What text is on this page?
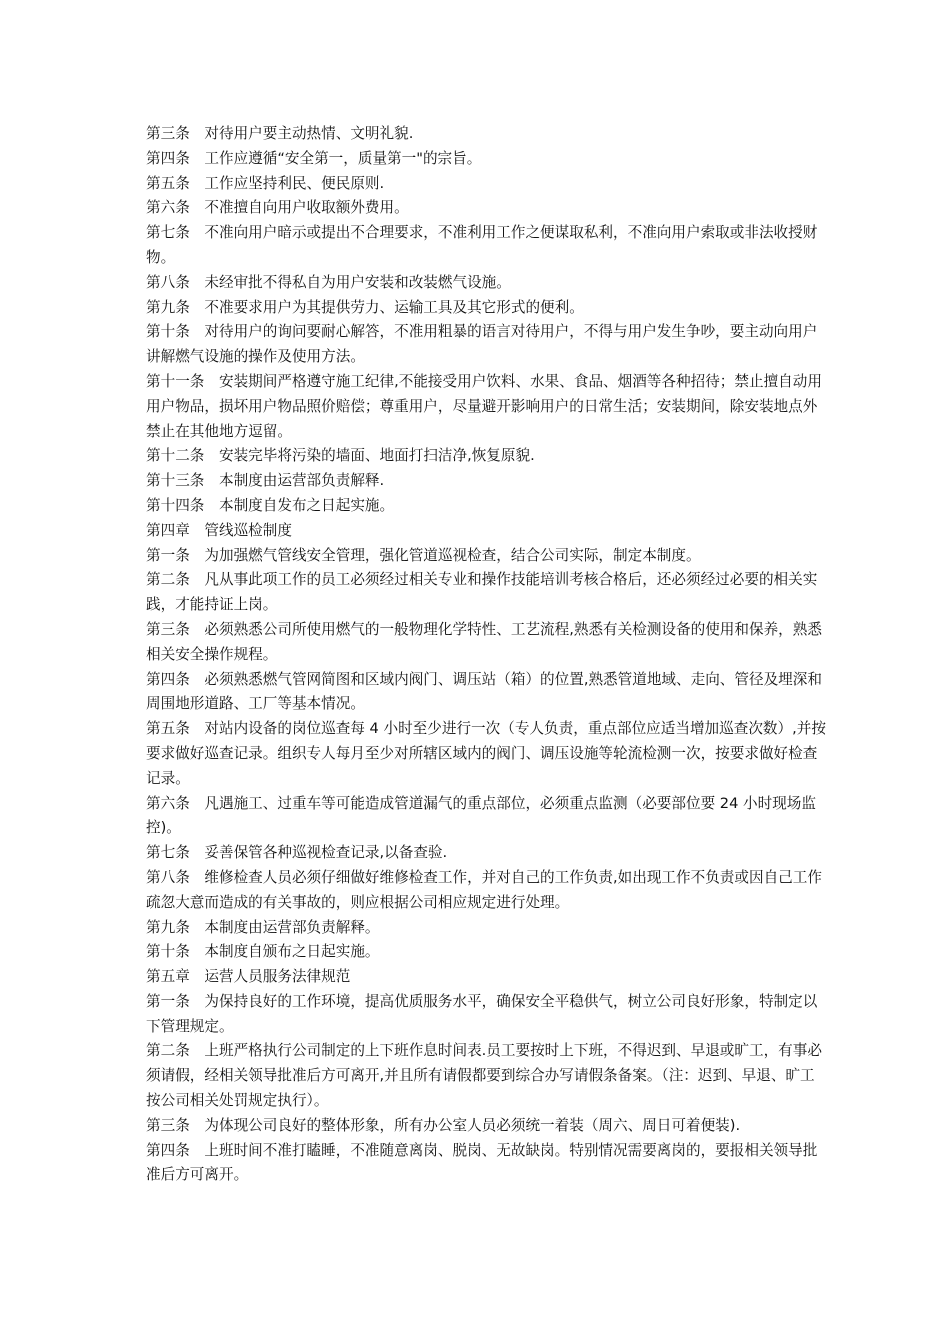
第三条　对待用户要主动热情、文明礼貌.

第四条　工作应遵循“安全第一，质量第一"的宗旨。

第五条　工作应坚持利民、便民原则.

第六条　不准擅自向用户收取额外费用。

第七条　不准向用户暗示或提出不合理要求，不准利用工作之便谋取私利，不准向用户索取或非法收授财物。

第八条　未经审批不得私自为用户安装和改装燃气设施。

第九条　不准要求用户为其提供劳力、运输工具及其它形式的便利。

第十条　对待用户的询问要耐心解答，不准用粗暴的语言对待用户，不得与用户发生争吵，要主动向用户讲解燃气设施的操作及使用方法。

第十一条　安装期间严格遵守施工纪律,不能接受用户饮料、水果、食品、烟酒等各种招待；禁止擅自动用用户物品，损坏用户物品照价赔偿；尊重用户，尽量避开影响用户的日常生活；安装期间，除安装地点外禁止在其他地方逗留。

第十二条　安装完毕将污染的墙面、地面打扫洁净,恢复原貌.

第十三条　本制度由运营部负责解释.

第十四条　本制度自发布之日起实施。

第四章　管线巡检制度

第一条　为加强燃气管线安全管理，强化管道巡视检查，结合公司实际，制定本制度。

第二条　凡从事此项工作的员工必须经过相关专业和操作技能培训考核合格后，还必须经过必要的相关实践，才能持证上岗。

第三条　必须熟悉公司所使用燃气的一般物理化学特性、工艺流程,熟悉有关检测设备的使用和保养，熟悉相关安全操作规程。

第四条　必须熟悉燃气管网简图和区域内阀门、调压站（箱）的位置,熟悉管道地域、走向、管径及埋深和周围地形道路、工厂等基本情况。

第五条　对站内设备的岗位巡查每 4 小时至少进行一次（专人负责，重点部位应适当增加巡查次数）,并按要求做好巡查记录。组织专人每月至少对所辖区域内的阀门、调压设施等轮流检测一次，按要求做好检查记录。

第六条　凡遇施工、过重车等可能造成管道漏气的重点部位，必须重点监测（必要部位要 24 小时现场监控)。

第七条　妥善保管各种巡视检查记录,以备查验.

第八条　维修检查人员必须仔细做好维修检查工作，并对自己的工作负责,如出现工作不负责或因自己工作疏忽大意而造成的有关事故的，则应根据公司相应规定进行处理。

第九条　本制度由运营部负责解释。

第十条　本制度自颁布之日起实施。

第五章　运营人员服务法律规范

第一条　为保持良好的工作环境，提高优质服务水平，确保安全平稳供气，树立公司良好形象，特制定以下管理规定。

第二条　上班严格执行公司制定的上下班作息时间表.员工要按时上下班，不得迟到、早退或旷工，有事必须请假，经相关领导批准后方可离开,并且所有请假都要到综合办写请假条备案。（注：迟到、早退、旷工按公司相关处罚规定执行）。

第三条　为体现公司良好的整体形象，所有办公室人员必须统一着装（周六、周日可着便装).

第四条　上班时间不准打瞌睡，不准随意离岗、脱岗、无故缺岗。特别情况需要离岗的，要报相关领导批准后方可离开。
